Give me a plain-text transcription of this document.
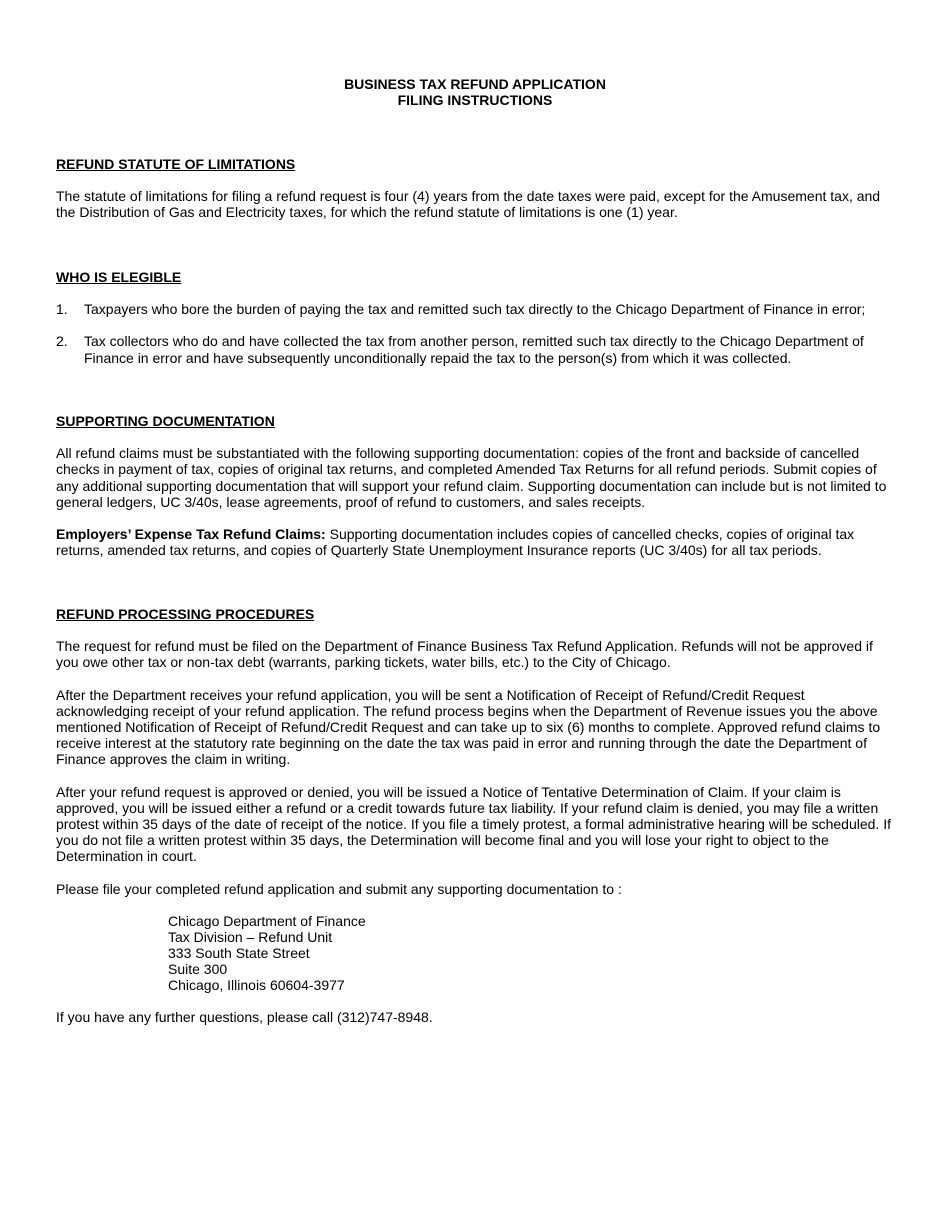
BUSINESS TAX REFUND APPLICATION
FILING INSTRUCTIONS
REFUND STATUTE OF LIMITATIONS

The statute of limitations for filing a refund request is four (4) years from the date taxes were paid, except for the Amusement tax, and the Distribution of Gas and Electricity taxes, for which the refund statute of limitations is one (1) year.

WHO IS ELEGIBLE
1.	Taxpayers who bore the burden of paying the tax and remitted such tax directly to the Chicago Department of Finance in error;
2.	Tax collectors who do and have collected the tax from another person, remitted such tax directly to the Chicago Department of Finance in error and have subsequently unconditionally repaid the tax to the person(s) from which it was collected.
SUPPORTING DOCUMENTATION

All refund claims must be substantiated with the following supporting documentation: copies of the front and backside of cancelled checks in payment of tax, copies of original tax returns, and completed Amended Tax Returns for all refund periods. Submit copies of any additional supporting documentation that will support your refund claim. Supporting documentation can include but is not limited to general ledgers, UC 3/40s, lease agreements, proof of refund to customers, and sales receipts.

Employers’ Expense Tax Refund Claims: Supporting documentation includes copies of cancelled checks, copies of original tax returns, amended tax returns, and copies of Quarterly State Unemployment Insurance reports (UC 3/40s) for all tax periods.

REFUND PROCESSING PROCEDURES

The request for refund must be filed on the Department of Finance Business Tax Refund Application. Refunds will not be approved if you owe other tax or non-tax debt (warrants, parking tickets, water bills, etc.) to the City of Chicago.

After the Department receives your refund application, you will be sent a Notification of Receipt of Refund/Credit Request acknowledging receipt of your refund application. The refund process begins when the Department of Revenue issues you the above mentioned Notification of Receipt of Refund/Credit Request and can take up to six (6) months to complete. Approved refund claims to receive interest at the statutory rate beginning on the date the tax was paid in error and running through the date the Department of Finance approves the claim in writing.

After your refund request is approved or denied, you will be issued a Notice of Tentative Determination of Claim. If your claim is approved, you will be issued either a refund or a credit towards future tax liability. If your refund claim is denied, you may file a written protest within 35 days of the date of receipt of the notice. If you file a timely protest, a formal administrative hearing will be scheduled. If you do not file a written protest within 35 days, the Determination will become final and you will lose your right to object to the Determination in court.

Please file your completed refund application and submit any supporting documentation to :

Chicago Department of Finance
Tax Division – Refund Unit
333 South State Street
Suite 300
Chicago, Illinois 60604-3977

If you have any further questions, please call (312)747-8948.
